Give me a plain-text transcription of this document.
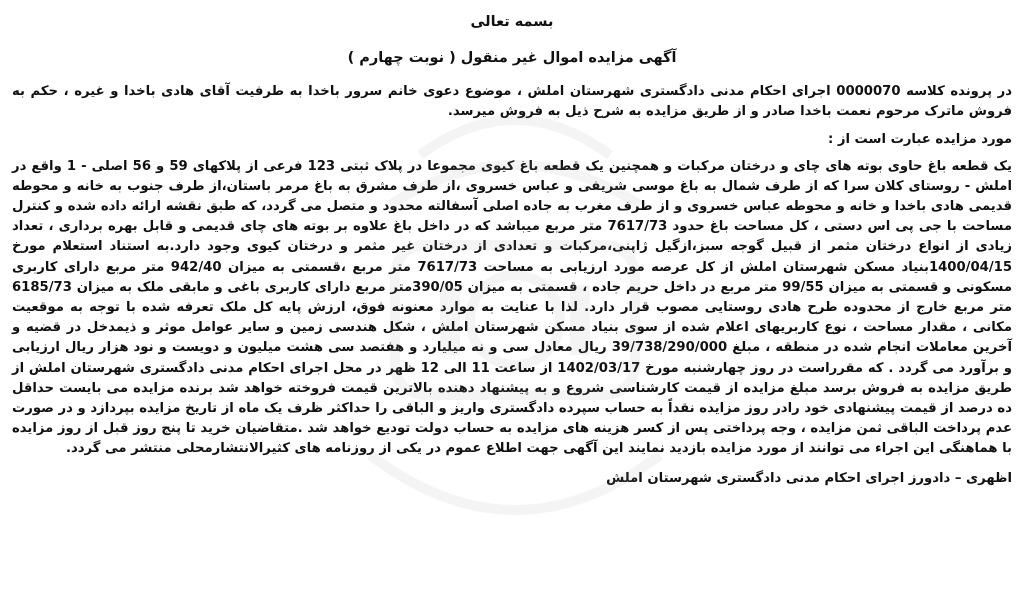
بسمه تعالی
آگهی مزایده اموال غیر منقول ( نوبت چهارم )

در پرونده کلاسه 0000070 اجرای احکام مدنی دادگستری شهرستان املش ، موضوع دعوی خانم سرور باخدا به طرفیت آقای هادی باخدا و غیره ، حکم به فروش ماترک مرحوم نعمت باخدا صادر و از طریق مزایده به شرح ذیل به فروش میرسد.

مورد مزایده عبارت است از :

یک قطعه باغ حاوی بوته های چای و درختان مرکبات و همچنین یک قطعه باغ کیوی مجموعا در پلاک ثبتی 123 فرعی از پلاکهای 59 و 56 اصلی - 1 واقع در املش - روستای کلان سرا که از طرف شمال به باغ موسی شریفی و عباس خسروی ،از طرف مشرق به باغ مرمر باستان،از طرف جنوب به خانه و محوطه قدیمی هادی باخدا و خانه و محوطه عباس خسروی و از طرف مغرب به جاده اصلی آسفالته محدود و متصل می گردد، که طبق نقشه ارائه داده شده و کنترل مساحت با جی پی اس دستی ، کل مساحت باغ حدود 7617/73 متر مربع میباشد که در داخل باغ علاوه بر بوته های چای قدیمی و قابل بهره برداری ، تعداد زیادی از انواع درختان مثمر از قبیل گوجه سبز،ازگیل ژاپنی،مرکبات و تعدادی از درختان غیر مثمر و درختان کیوی وجود دارد.به استناد استعلام مورخ 1400/04/15بنیاد مسکن شهرستان املش از کل عرصه مورد ارزیابی به مساحت 7617/73 متر مربع ،قسمتی به میزان 942/40 متر مربع دارای کاربری مسکونی و قسمتی به میزان 99/55 متر مربع در داخل حریم جاده ، قسمتی به میزان 390/05متر مربع دارای کاربری باغی و مابقی ملک به میزان 6185/73 متر مربع خارج از محدوده طرح هادی روستایی مصوب قرار دارد. لذا با عنایت به موارد معنونه فوق، ارزش پایه کل ملک تعرفه شده با توجه به موقعیت مکانی ، مقدار مساحت ، نوع کاربریهای اعلام شده از سوی بنیاد مسکن شهرستان املش ، شکل هندسی زمین و سایر عوامل موثر و ذیمدخل در قضیه و آخرین معاملات انجام شده در منطقه ، مبلغ 39/738/290/000 ریال معادل سی و نه میلیارد و هفتصد سی هشت میلیون و دویست و نود هزار ریال ارزیابی و برآورد می گردد . که مقرراست در روز چهارشنبه مورخ 1402/03/17 از ساعت 11 الی 12 ظهر در محل اجرای احکام مدنی دادگستری شهرستان املش از طریق مزایده به فروش برسد مبلغ مزایده از قیمت کارشناسی شروع و به پیشنهاد دهنده بالاترین قیمت فروخته خواهد شد برنده مزایده می بایست حداقل ده درصد از قیمت پیشنهادی خود رادر روز مزایده نقداً به حساب سپرده دادگستری واریز و الباقی را حداکثر ظرف یک ماه از تاریخ مزایده بپردازد و در صورت عدم پرداخت الباقی ثمن مزایده ، وجه پرداختی پس از کسر هزینه های مزایده به حساب دولت تودیع خواهد شد .متقاضیان خرید تا پنج روز قبل از روز مزایده با هماهنگی این اجراء می توانند از مورد مزایده بازدید نمایند این آگهی جهت اطلاع عموم در یکی از روزنامه های کثیرالانتشارمحلی منتشر می گردد.

اظهری – دادورز اجرای احکام مدنی دادگستری شهرستان املش
